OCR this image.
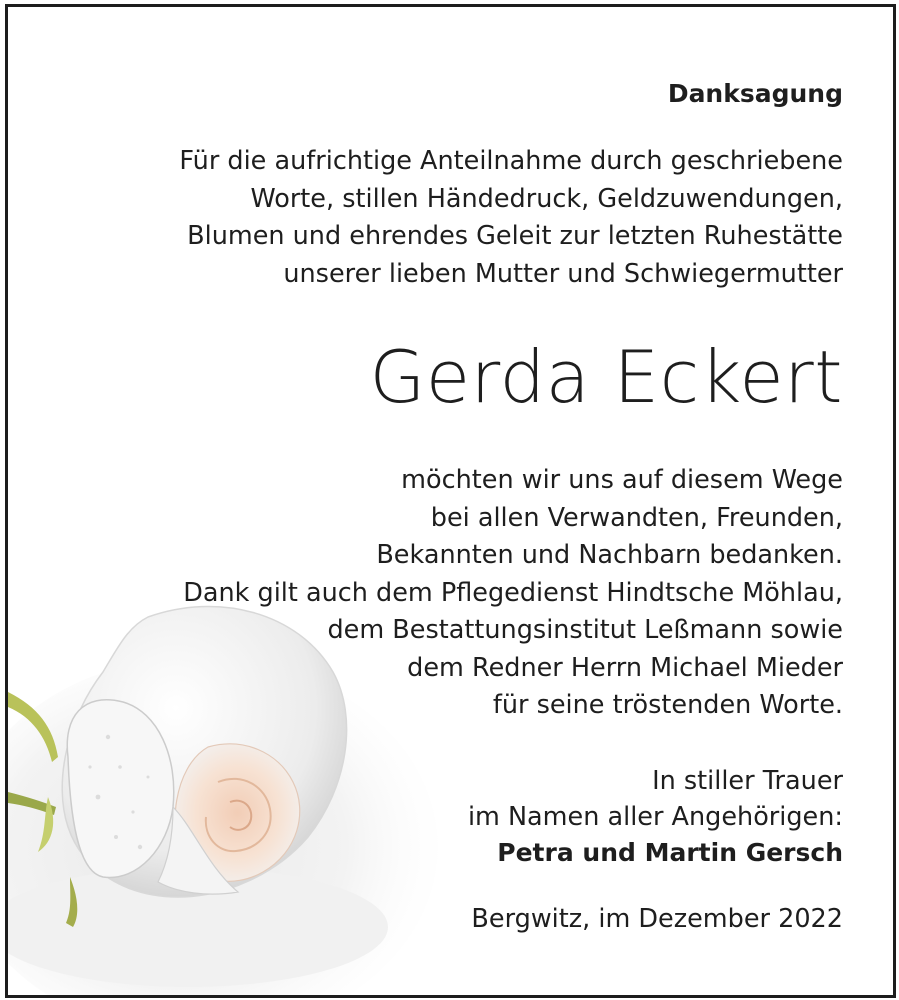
Danksagung
Für die aufrichtige Anteilnahme durch geschriebene
Worte, stillen Händedruck, Geldzuwendungen,
Blumen und ehrendes Geleit zur letzten Ruhestätte
unserer lieben Mutter und Schwiegermutter
Gerda Eckert
möchten wir uns auf diesem Wege
bei allen Verwandten, Freunden,
Bekannten und Nachbarn bedanken.
Dank gilt auch dem Pflegedienst Hindtsche Möhlau,
dem Bestattungsinstitut Leßmann sowie
dem Redner Herrn Michael Mieder
für seine tröstenden Worte.
In stiller Trauer
im Namen aller Angehörigen:
Petra und Martin Gersch
Bergwitz, im Dezember 2022
